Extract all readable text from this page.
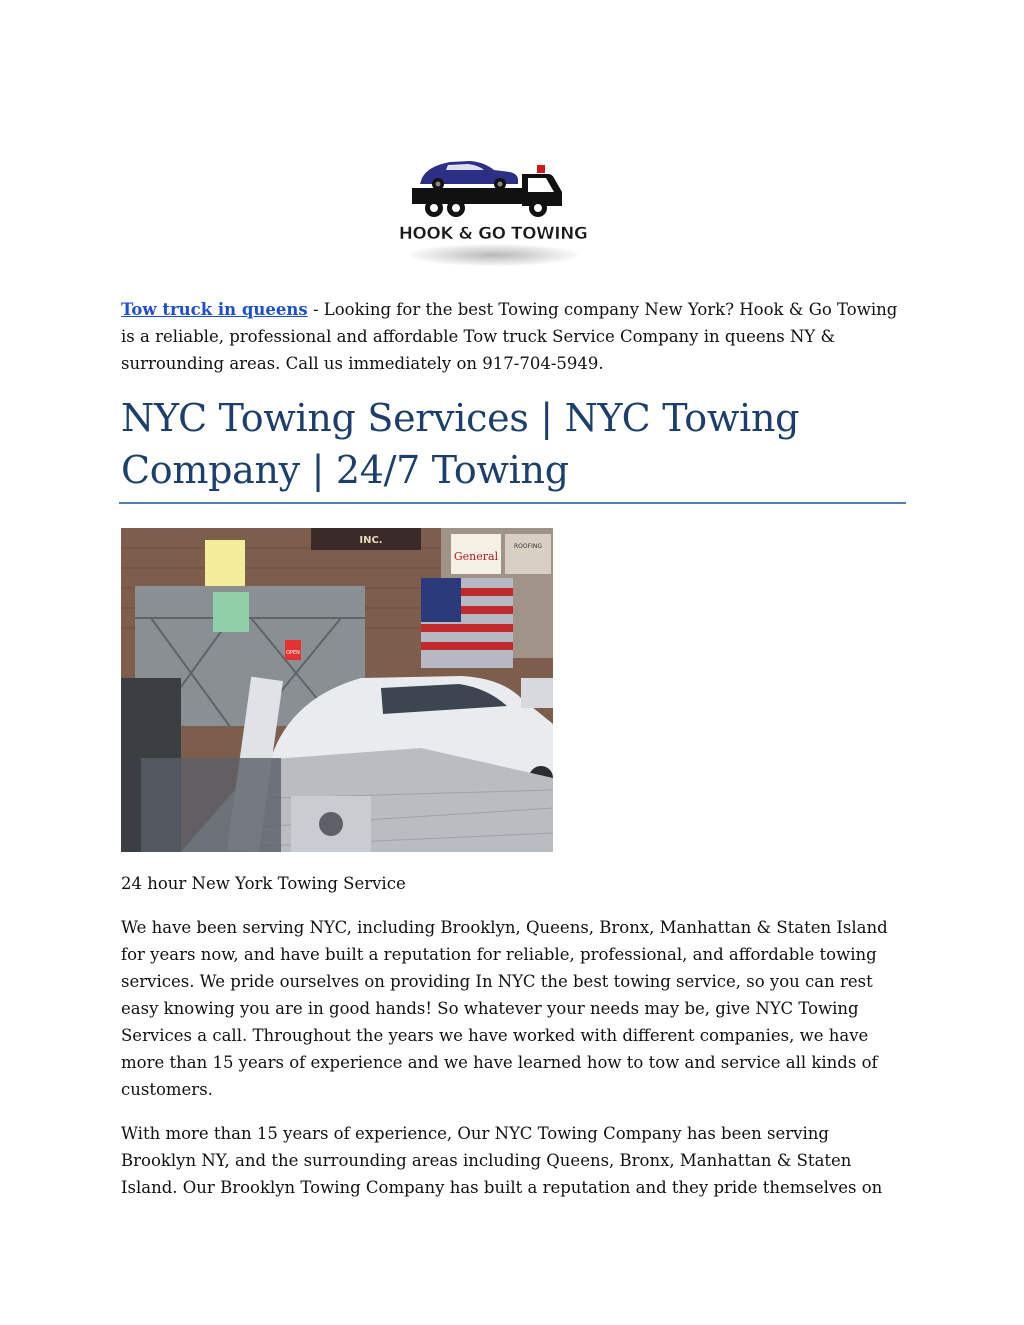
HOOK & GO TOWING

Tow truck in queens - Looking for the best Towing company New York? Hook & Go Towing is a reliable, professional and affordable Tow truck Service Company in queens NY & surrounding areas. Call us immediately on 917-704-5949.

NYC Towing Services | NYC Towing Company | 24/7 Towing
INC.
OPEN
General
ROOFING

24 hour New York Towing Service

We have been serving NYC, including Brooklyn, Queens, Bronx, Manhattan & Staten Island for years now, and have built a reputation for reliable, professional, and affordable towing services. We pride ourselves on providing In NYC the best towing service, so you can rest easy knowing you are in good hands! So whatever your needs may be, give NYC Towing Services a call. Throughout the years we have worked with different companies, we have more than 15 years of experience and we have learned how to tow and service all kinds of customers.

With more than 15 years of experience, Our NYC Towing Company has been serving Brooklyn NY, and the surrounding areas including Queens, Bronx, Manhattan & Staten Island. Our Brooklyn Towing Company has built a reputation and they pride themselves on
